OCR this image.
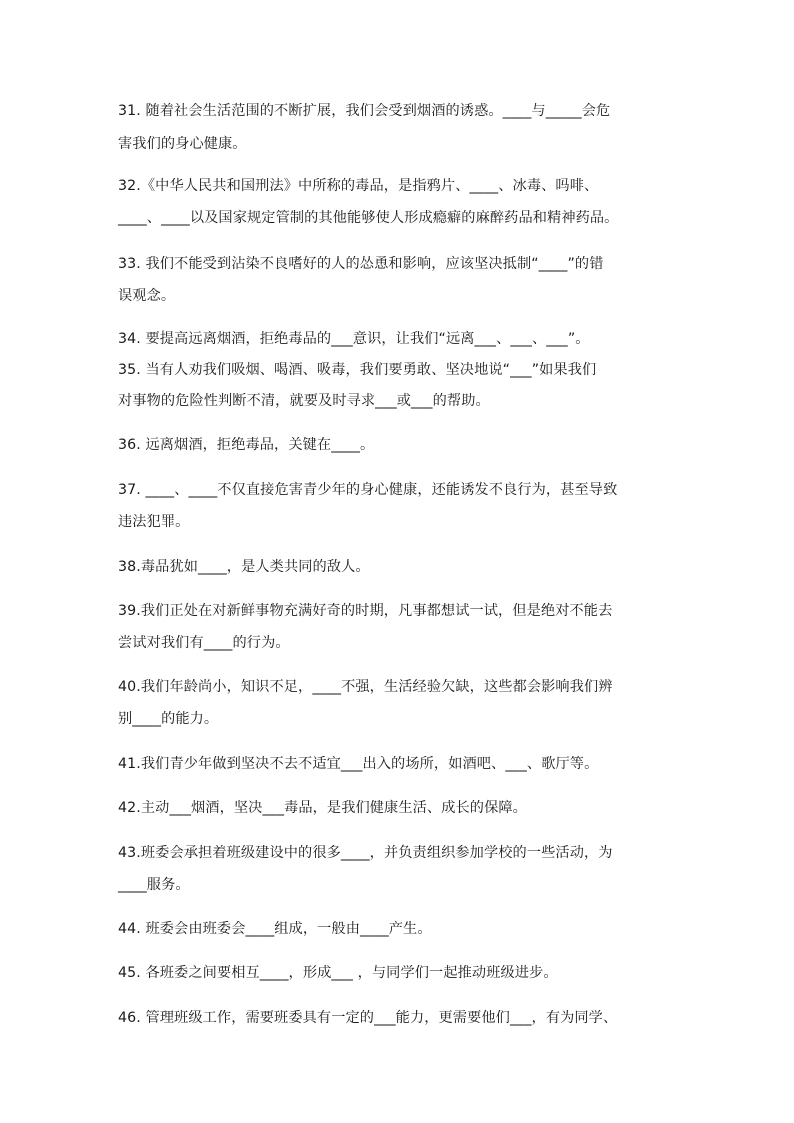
31. 随着社会生活范围的不断扩展，我们会受到烟酒的诱惑。____与_____会危
害我们的身心健康。
32.《中华人民共和国刑法》中所称的毒品，是指鸦片、____、冰毒、吗啡、
____、____以及国家规定管制的其他能够使人形成瘾癖的麻醉药品和精神药品。
33. 我们不能受到沾染不良嗜好的人的怂恿和影响，应该坚决抵制“____”的错
误观念。
34. 要提高远离烟酒，拒绝毒品的___意识，让我们“远离___、___、___”。
35. 当有人劝我们吸烟、喝酒、吸毒，我们要勇敢、坚决地说“___”如果我们
对事物的危险性判断不清，就要及时寻求___或___的帮助。
36. 远离烟酒，拒绝毒品，关键在____。
37. ____、____不仅直接危害青少年的身心健康，还能诱发不良行为，甚至导致
违法犯罪。
38.毒品犹如____，是人类共同的敌人。
39.我们正处在对新鲜事物充满好奇的时期，凡事都想试一试，但是绝对不能去
尝试对我们有____的行为。
40.我们年龄尚小，知识不足，____不强，生活经验欠缺，这些都会影响我们辨
别____的能力。
41.我们青少年做到坚决不去不适宜___出入的场所，如酒吧、___、歌厅等。
42.主动___烟酒，坚决___毒品，是我们健康生活、成长的保障。
43.班委会承担着班级建设中的很多____，并负责组织参加学校的一些活动，为
____服务。
44. 班委会由班委会____组成，一般由____产生。
45. 各班委之间要相互____，形成___ ，与同学们一起推动班级进步。
46. 管理班级工作，需要班委具有一定的___能力，更需要他们___，有为同学、
